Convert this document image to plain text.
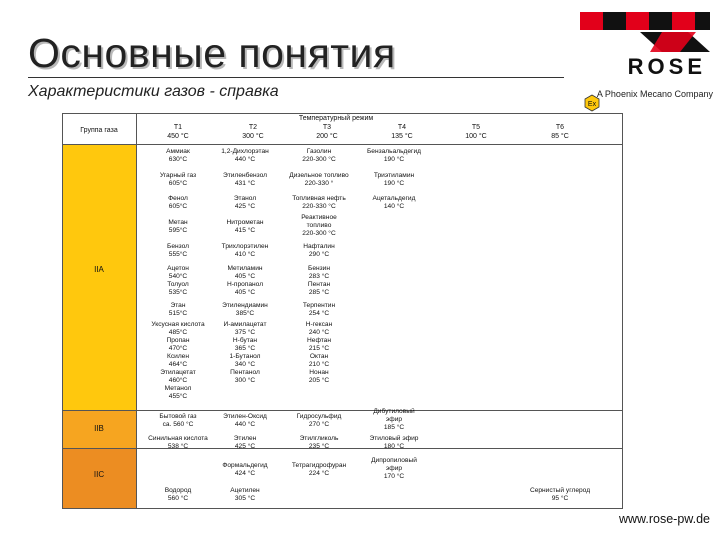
Основные понятия
Характеристики газов - справка
ROSE
A Phoenix Mecano Company
Ex
Группа газа
Температурный режим
T1
450 °C
T2
300 °C
T3
200 °C
T4
135 °C
T5
100 °C
T6
85 °C
IIA
IIB
IIC
Аммиак
630°C
1,2-Дихлорэтан
440 °C
Газолин
220-300 °C
Бензальальдегид
190 °C
Угарный газ
605°C
Этиленбензол
431 °C
Дизельное топливо
220-330 °
Триэтиламин
190 °C
Фенол
605°C
Этанол
425 °C
Топливная нефть
220-330 °C
Ацетальдегид
140 °C
Метан
595°C
Нитрометан
415 °C
Реактивное
топливо
220-300 °C
Бензол
555°C
Трихлорэтилен
410 °C
Нафталин
290 °C
Ацетон
540°C
Толуол
535°C
Метиламин
405 °C
Н-пропанол
405 °C
Бензин
283 °C
Пентан
285 °C
Этан
515°C
Этилендиамин
385°C
Терпентин
254 °C
Уксусная кислота
485°C
Пропан
470°C
Ксилен
464°C
Этилацетат
460°C
Метанол
455°C
И-амилацетат
375 °C
Н-бутан
365 °C
1-Бутанол
340 °C
Пентанол
300 °C
Н-гексан
240 °C
Нефтан
215 °C
Октан
210 °C
Нонан
205 °C
Бытовой газ
са. 560 °C
Этилен-Оксид
440 °C
Гидросульфид
270 °C
Дибутиловый
эфир
185 °C
Синильная кислота
538 °C
Этилен
425 °C
Этилгликоль
235 °C
Этиловый эфир
180 °C
Формальдегид
424 °C
Тетрагидрофуран
224 °C
Дипропиловый
эфир
170 °C
Водород
560 °C
Ацетилен
305 °C
Сернистый углерод
95 °C
www.rose-pw.de
